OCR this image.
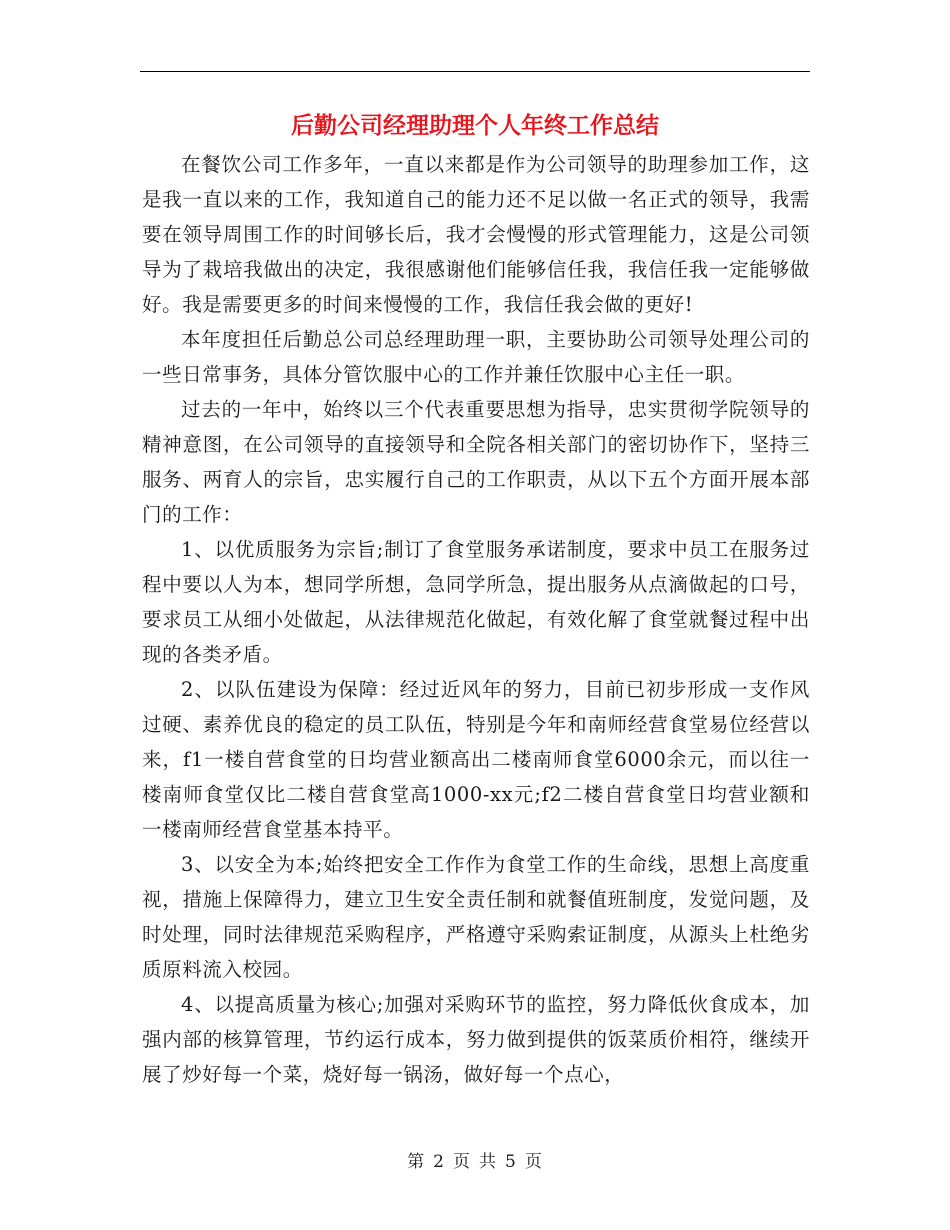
后勤公司经理助理个人年终工作总结

在餐饮公司工作多年，一直以来都是作为公司领导的助理参加工作，这是我一直以来的工作，我知道自己的能力还不足以做一名正式的领导，我需要在领导周围工作的时间够长后，我才会慢慢的形式管理能力，这是公司领导为了栽培我做出的决定，我很感谢他们能够信任我，我信任我一定能够做好。我是需要更多的时间来慢慢的工作，我信任我会做的更好!

本年度担任后勤总公司总经理助理一职，主要协助公司领导处理公司的一些日常事务，具体分管饮服中心的工作并兼任饮服中心主任一职。

过去的一年中，始终以三个代表重要思想为指导，忠实贯彻学院领导的精神意图，在公司领导的直接领导和全院各相关部门的密切协作下，坚持三服务、两育人的宗旨，忠实履行自己的工作职责，从以下五个方面开展本部门的工作：

1、以优质服务为宗旨;制订了食堂服务承诺制度，要求中员工在服务过程中要以人为本，想同学所想，急同学所急，提出服务从点滴做起的口号，要求员工从细小处做起，从法律规范化做起，有效化解了食堂就餐过程中出现的各类矛盾。

2、以队伍建设为保障：经过近风年的努力，目前已初步形成一支作风过硬、素养优良的稳定的员工队伍，特别是今年和南师经营食堂易位经营以来，f1一楼自营食堂的日均营业额高出二楼南师食堂6000余元，而以往一楼南师食堂仅比二楼自营食堂高1000-xx元;f2二楼自营食堂日均营业额和一楼南师经营食堂基本持平。

3、以安全为本;始终把安全工作作为食堂工作的生命线，思想上高度重视，措施上保障得力，建立卫生安全责任制和就餐值班制度，发觉问题，及时处理，同时法律规范采购程序，严格遵守采购索证制度，从源头上杜绝劣质原料流入校园。

4、以提高质量为核心;加强对采购环节的监控，努力降低伙食成本，加强内部的核算管理，节约运行成本，努力做到提供的饭菜质价相符，继续开展了炒好每一个菜，烧好每一锅汤，做好每一个点心，

第 2 页 共 5 页
